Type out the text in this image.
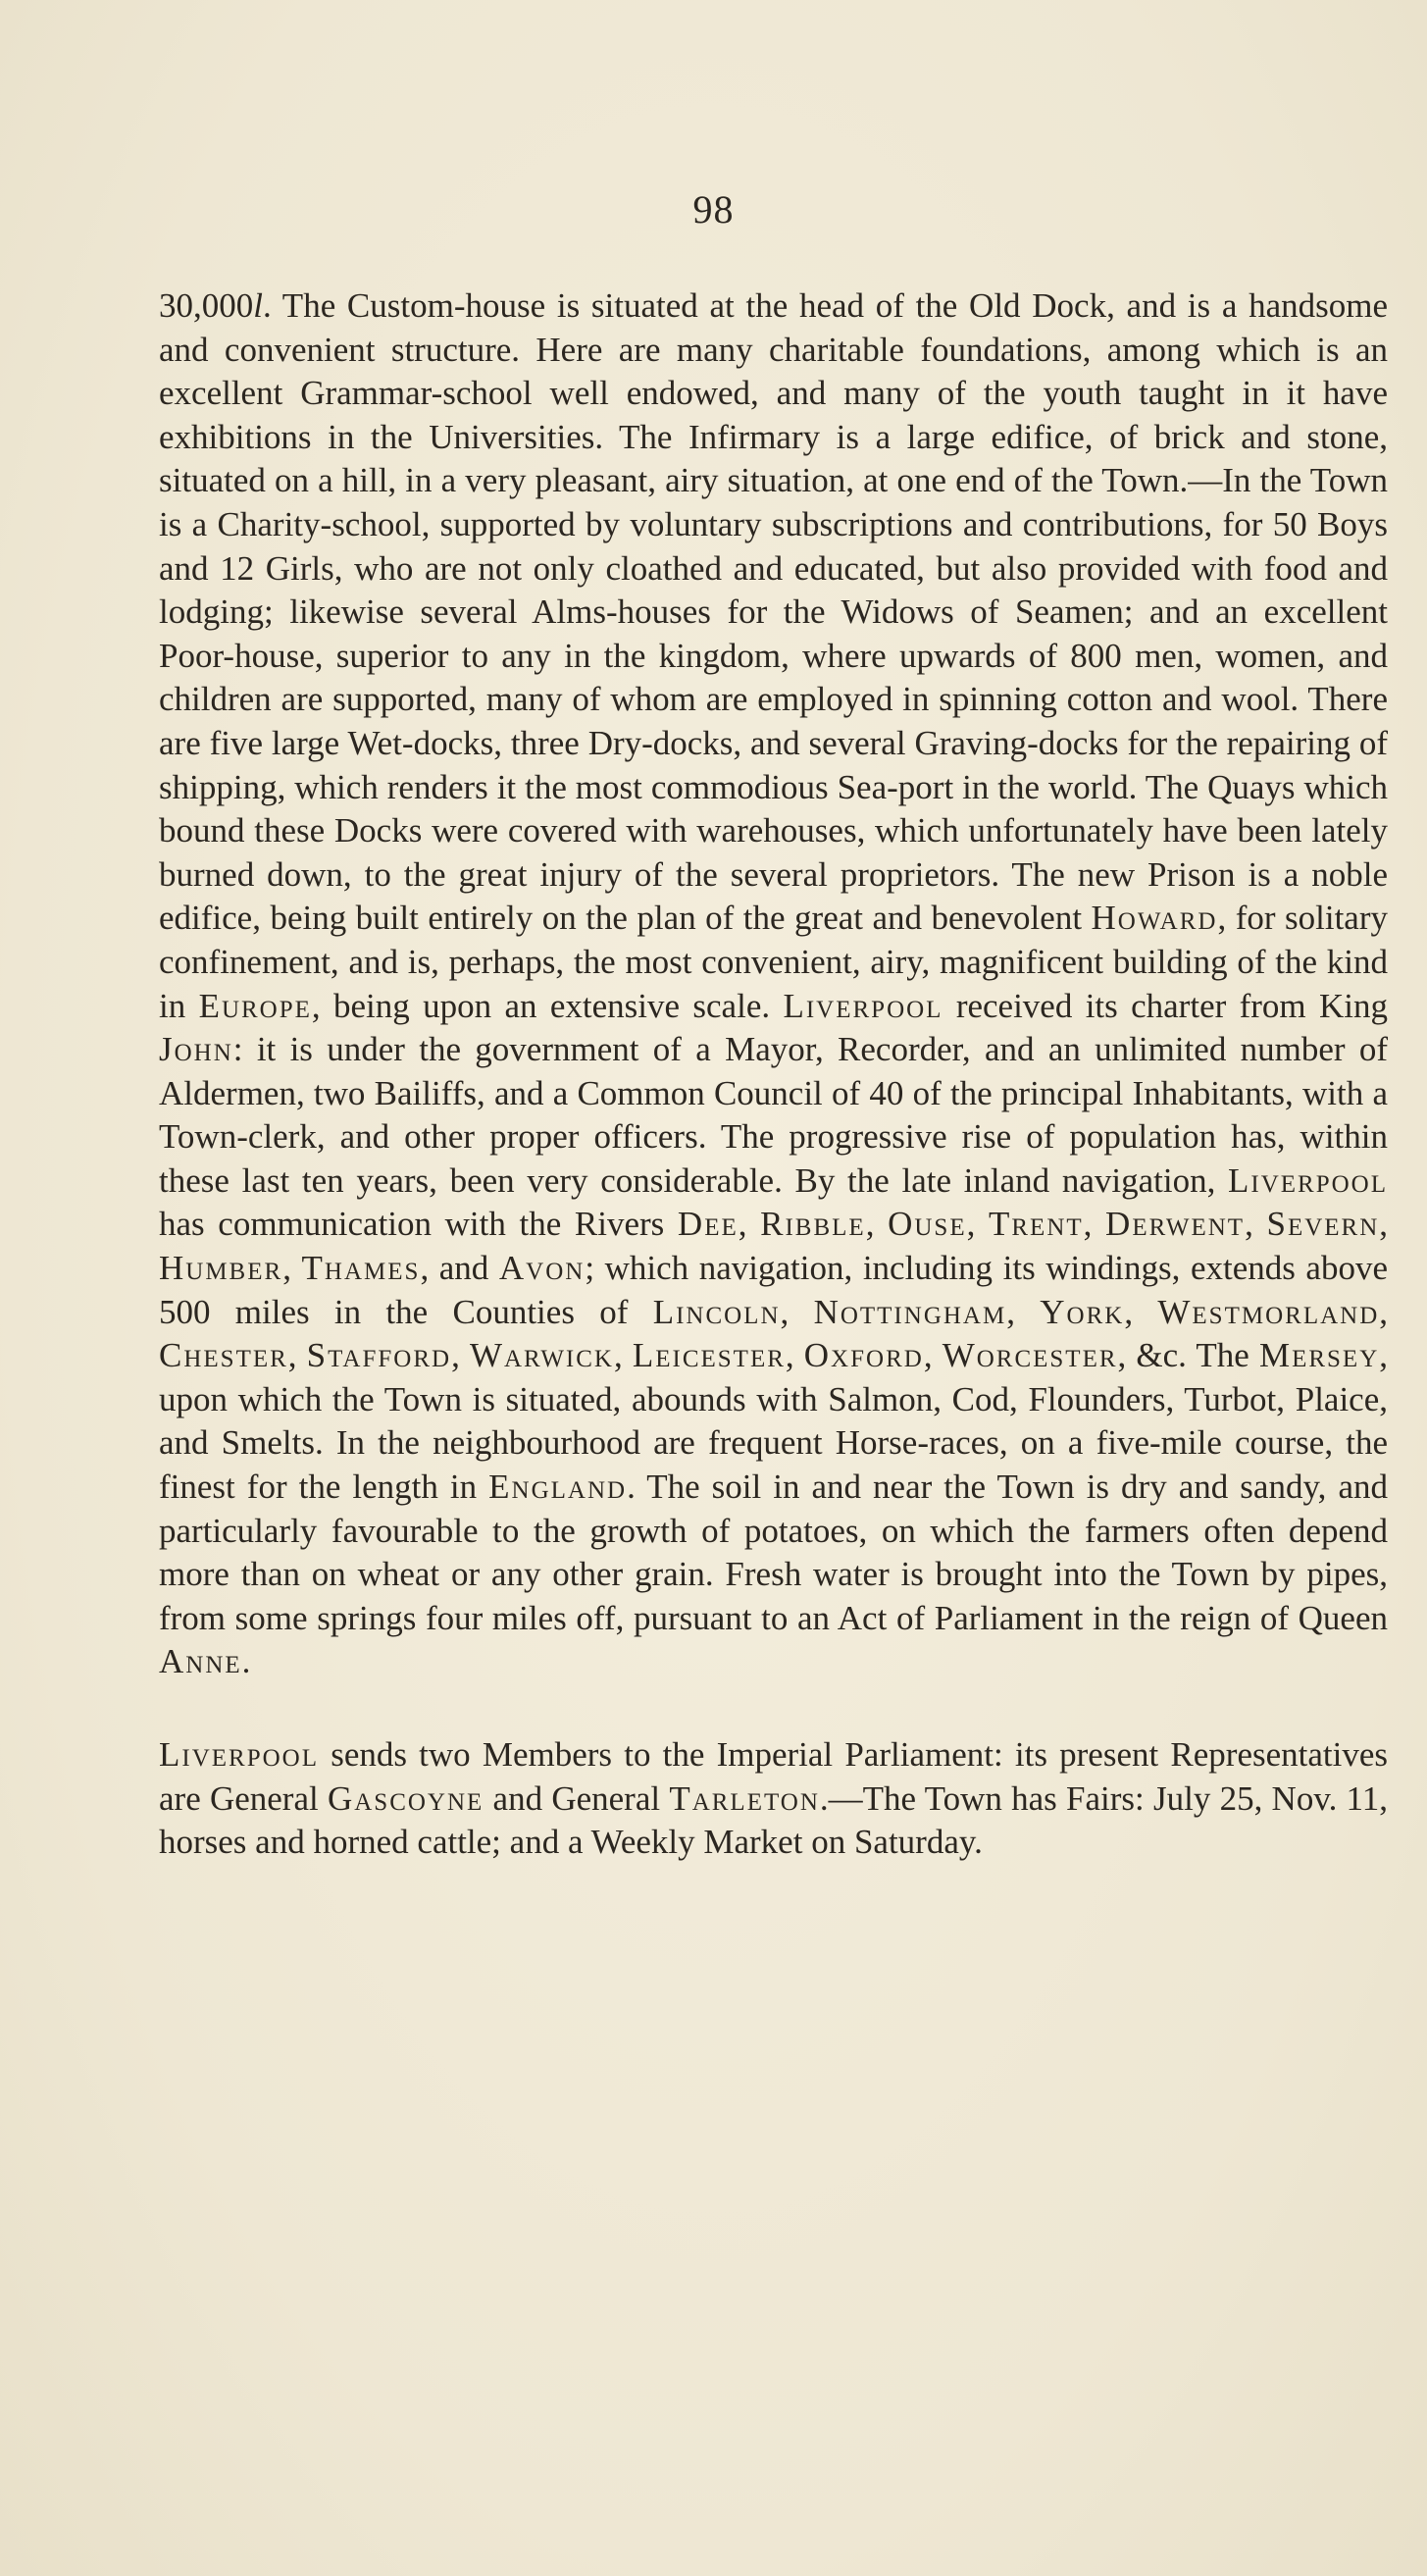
98

30,000l. The Custom-house is situated at the head of the Old Dock, and is a handsome and convenient structure. Here are many charitable foundations, among which is an excellent Grammar-school well endowed, and many of the youth taught in it have exhibitions in the Universities. The Infirmary is a large edifice, of brick and stone, situated on a hill, in a very pleasant, airy situation, at one end of the Town.—In the Town is a Charity-school, supported by voluntary subscriptions and contributions, for 50 Boys and 12 Girls, who are not only cloathed and educated, but also provided with food and lodging; likewise several Alms-houses for the Widows of Seamen; and an excellent Poor-house, superior to any in the kingdom, where upwards of 800 men, women, and children are supported, many of whom are employed in spinning cotton and wool. There are five large Wet-docks, three Dry-docks, and several Graving-docks for the repairing of shipping, which renders it the most commodious Sea-port in the world. The Quays which bound these Docks were covered with warehouses, which unfortunately have been lately burned down, to the great injury of the several proprietors. The new Prison is a noble edifice, being built entirely on the plan of the great and benevolent Howard, for solitary confinement, and is, perhaps, the most convenient, airy, magnificent building of the kind in Europe, being upon an extensive scale. Liverpool received its charter from King John: it is under the government of a Mayor, Recorder, and an unlimited number of Aldermen, two Bailiffs, and a Common Council of 40 of the principal Inhabitants, with a Town-clerk, and other proper officers. The progressive rise of population has, within these last ten years, been very considerable. By the late inland navigation, Liverpool has communication with the Rivers Dee, Ribble, Ouse, Trent, Derwent, Severn, Humber, Thames, and Avon; which navigation, including its windings, extends above 500 miles in the Counties of Lincoln, Nottingham, York, Westmorland, Chester, Stafford, Warwick, Leicester, Oxford, Worcester, &c. The Mersey, upon which the Town is situated, abounds with Salmon, Cod, Flounders, Turbot, Plaice, and Smelts. In the neighbourhood are frequent Horse-races, on a five-mile course, the finest for the length in England. The soil in and near the Town is dry and sandy, and particularly favourable to the growth of potatoes, on which the farmers often depend more than on wheat or any other grain. Fresh water is brought into the Town by pipes, from some springs four miles off, pursuant to an Act of Parliament in the reign of Queen Anne.

Liverpool sends two Members to the Imperial Parliament: its present Representatives are General Gascoyne and General Tarleton.—The Town has Fairs: July 25, Nov. 11, horses and horned cattle; and a Weekly Market on Saturday.
